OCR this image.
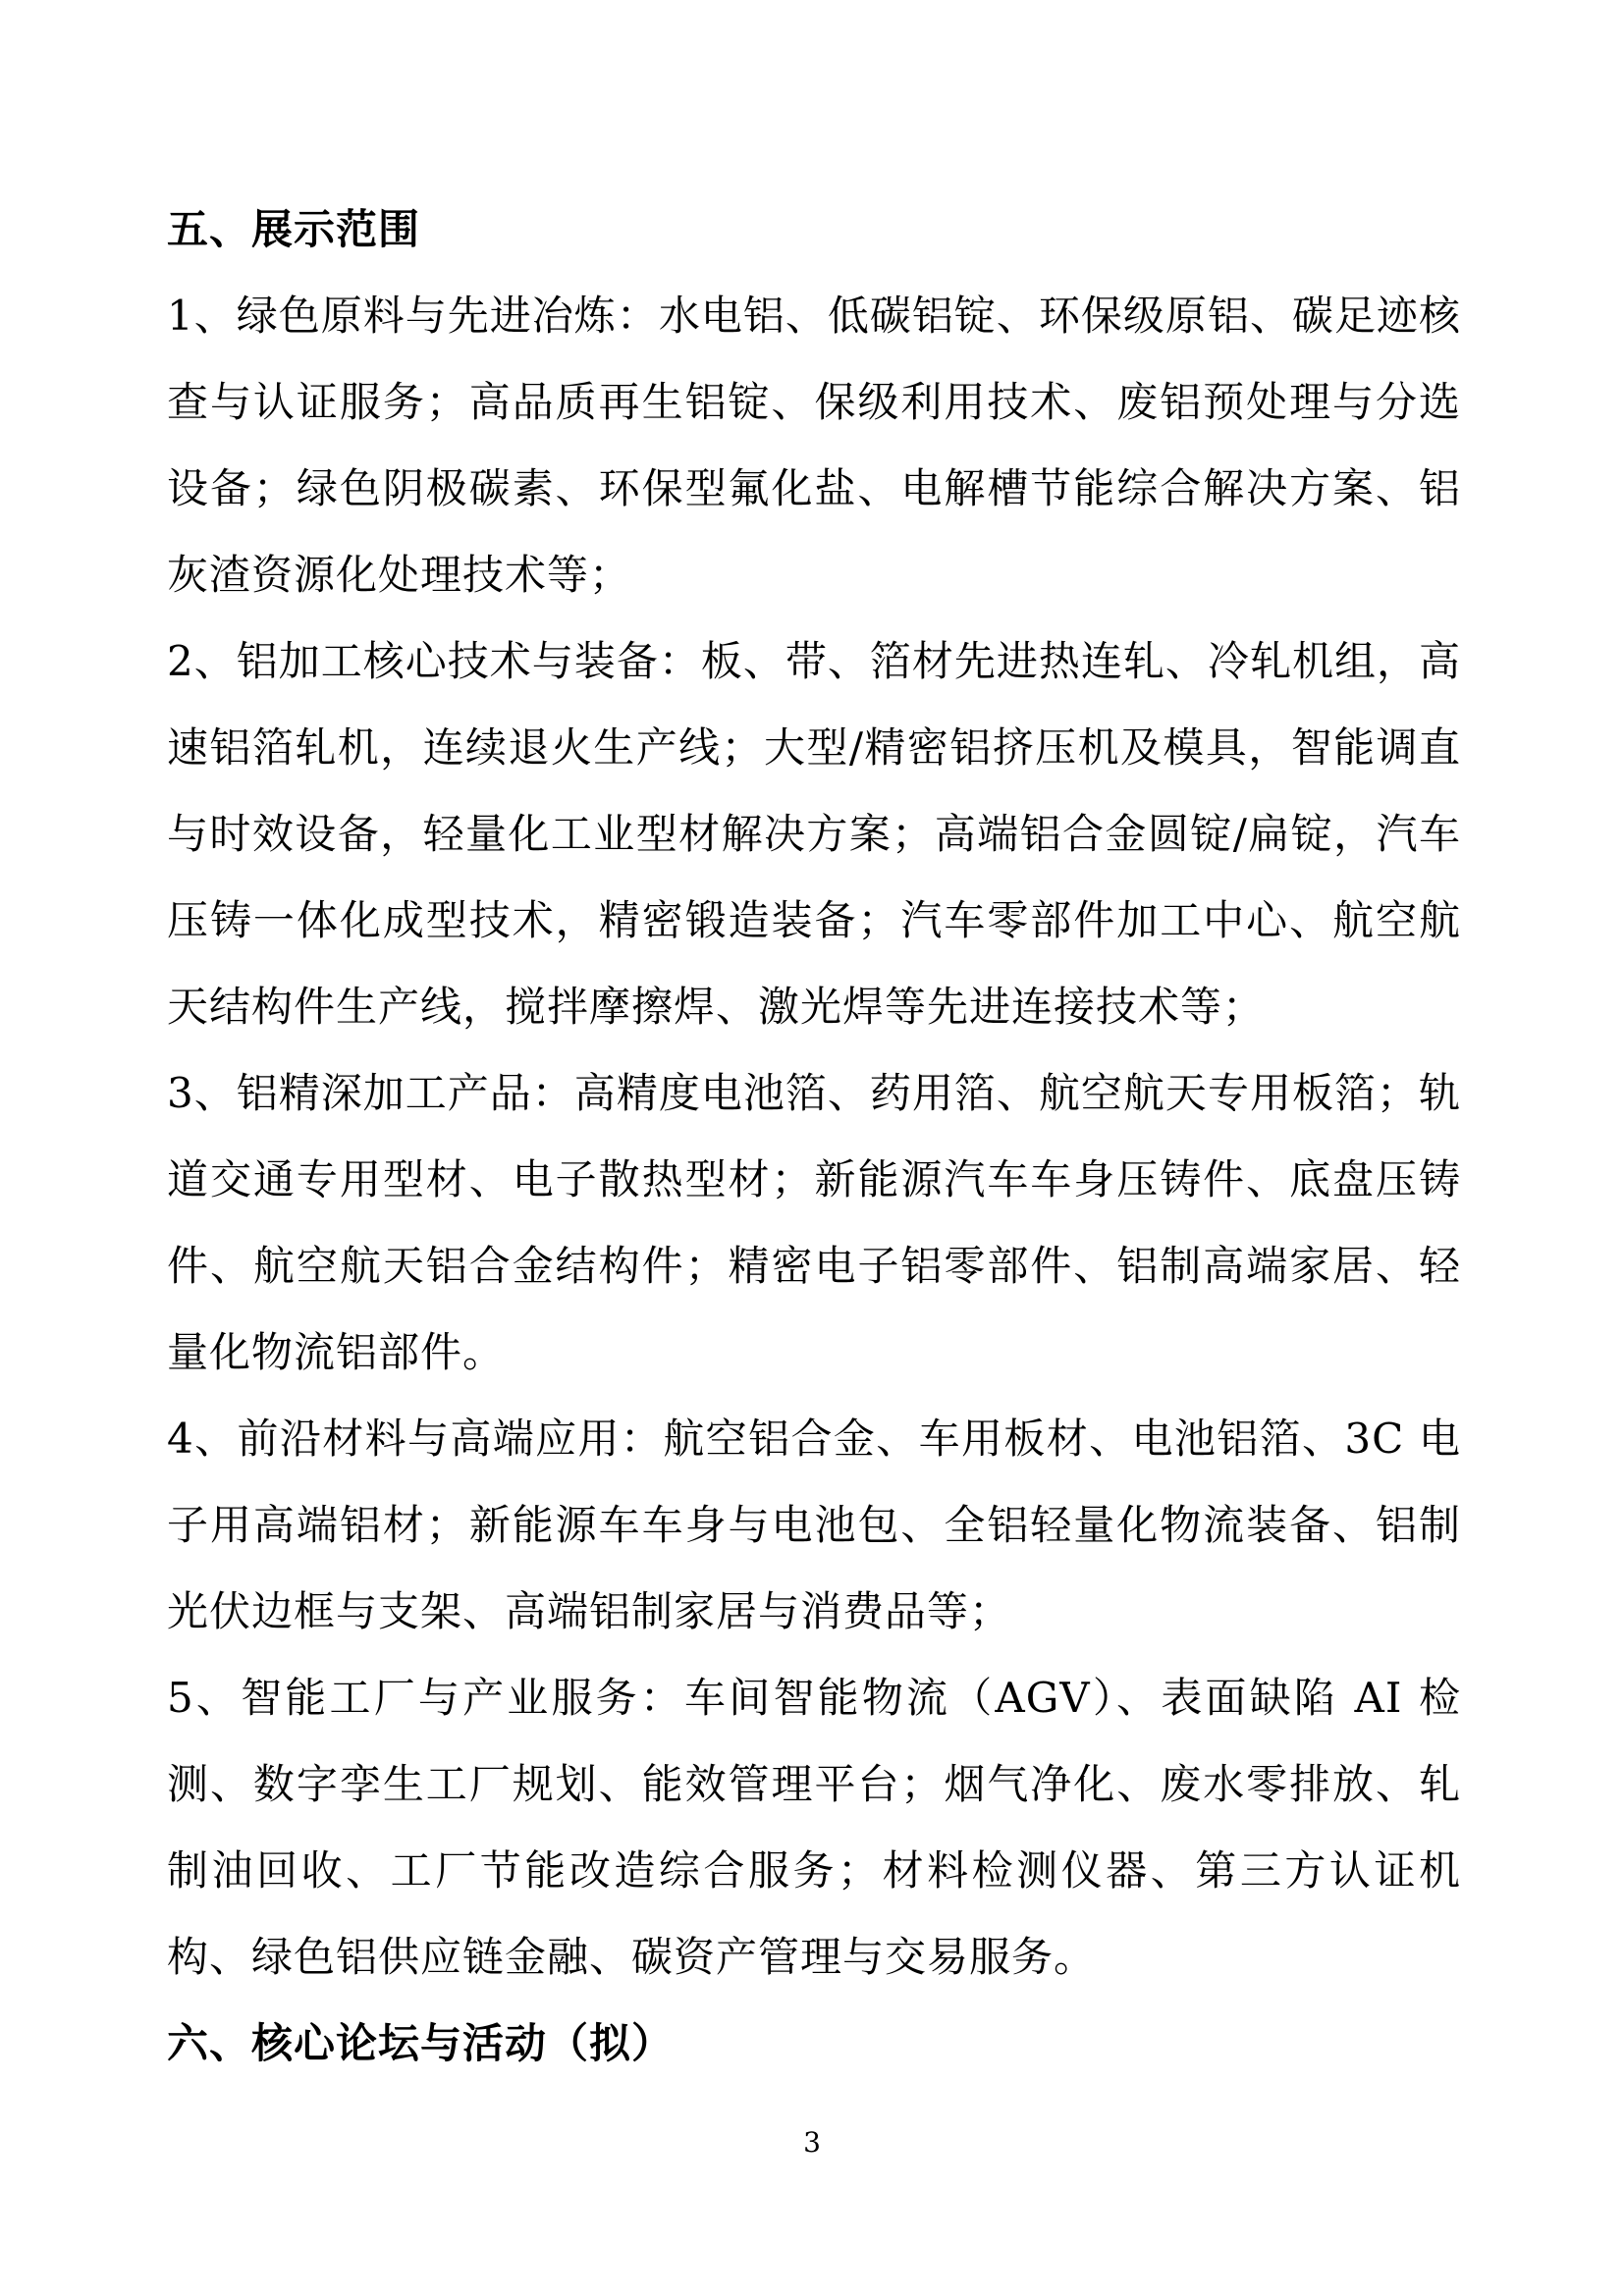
五、展示范围

1、绿色原料与先进冶炼：水电铝、低碳铝锭、环保级原铝、碳足迹核查与认证服务；高品质再生铝锭、保级利用技术、废铝预处理与分选设备；绿色阴极碳素、环保型氟化盐、电解槽节能综合解决方案、铝灰渣资源化处理技术等；

2、铝加工核心技术与装备：板、带、箔材先进热连轧、冷轧机组，高速铝箔轧机，连续退火生产线；大型/精密铝挤压机及模具，智能调直与时效设备，轻量化工业型材解决方案；高端铝合金圆锭/扁锭，汽车压铸一体化成型技术，精密锻造装备；汽车零部件加工中心、航空航天结构件生产线，搅拌摩擦焊、激光焊等先进连接技术等；

3、铝精深加工产品：高精度电池箔、药用箔、航空航天专用板箔；轨道交通专用型材、电子散热型材；新能源汽车车身压铸件、底盘压铸件、航空航天铝合金结构件；精密电子铝零部件、铝制高端家居、轻量化物流铝部件。

4、前沿材料与高端应用：航空铝合金、车用板材、电池铝箔、3C 电子用高端铝材；新能源车车身与电池包、全铝轻量化物流装备、铝制光伏边框与支架、高端铝制家居与消费品等；

5、智能工厂与产业服务：车间智能物流（AGV）、表面缺陷 AI 检测、数字孪生工厂规划、能效管理平台；烟气净化、废水零排放、轧制油回收、工厂节能改造综合服务；材料检测仪器、第三方认证机构、绿色铝供应链金融、碳资产管理与交易服务。

六、核心论坛与活动（拟）
3
